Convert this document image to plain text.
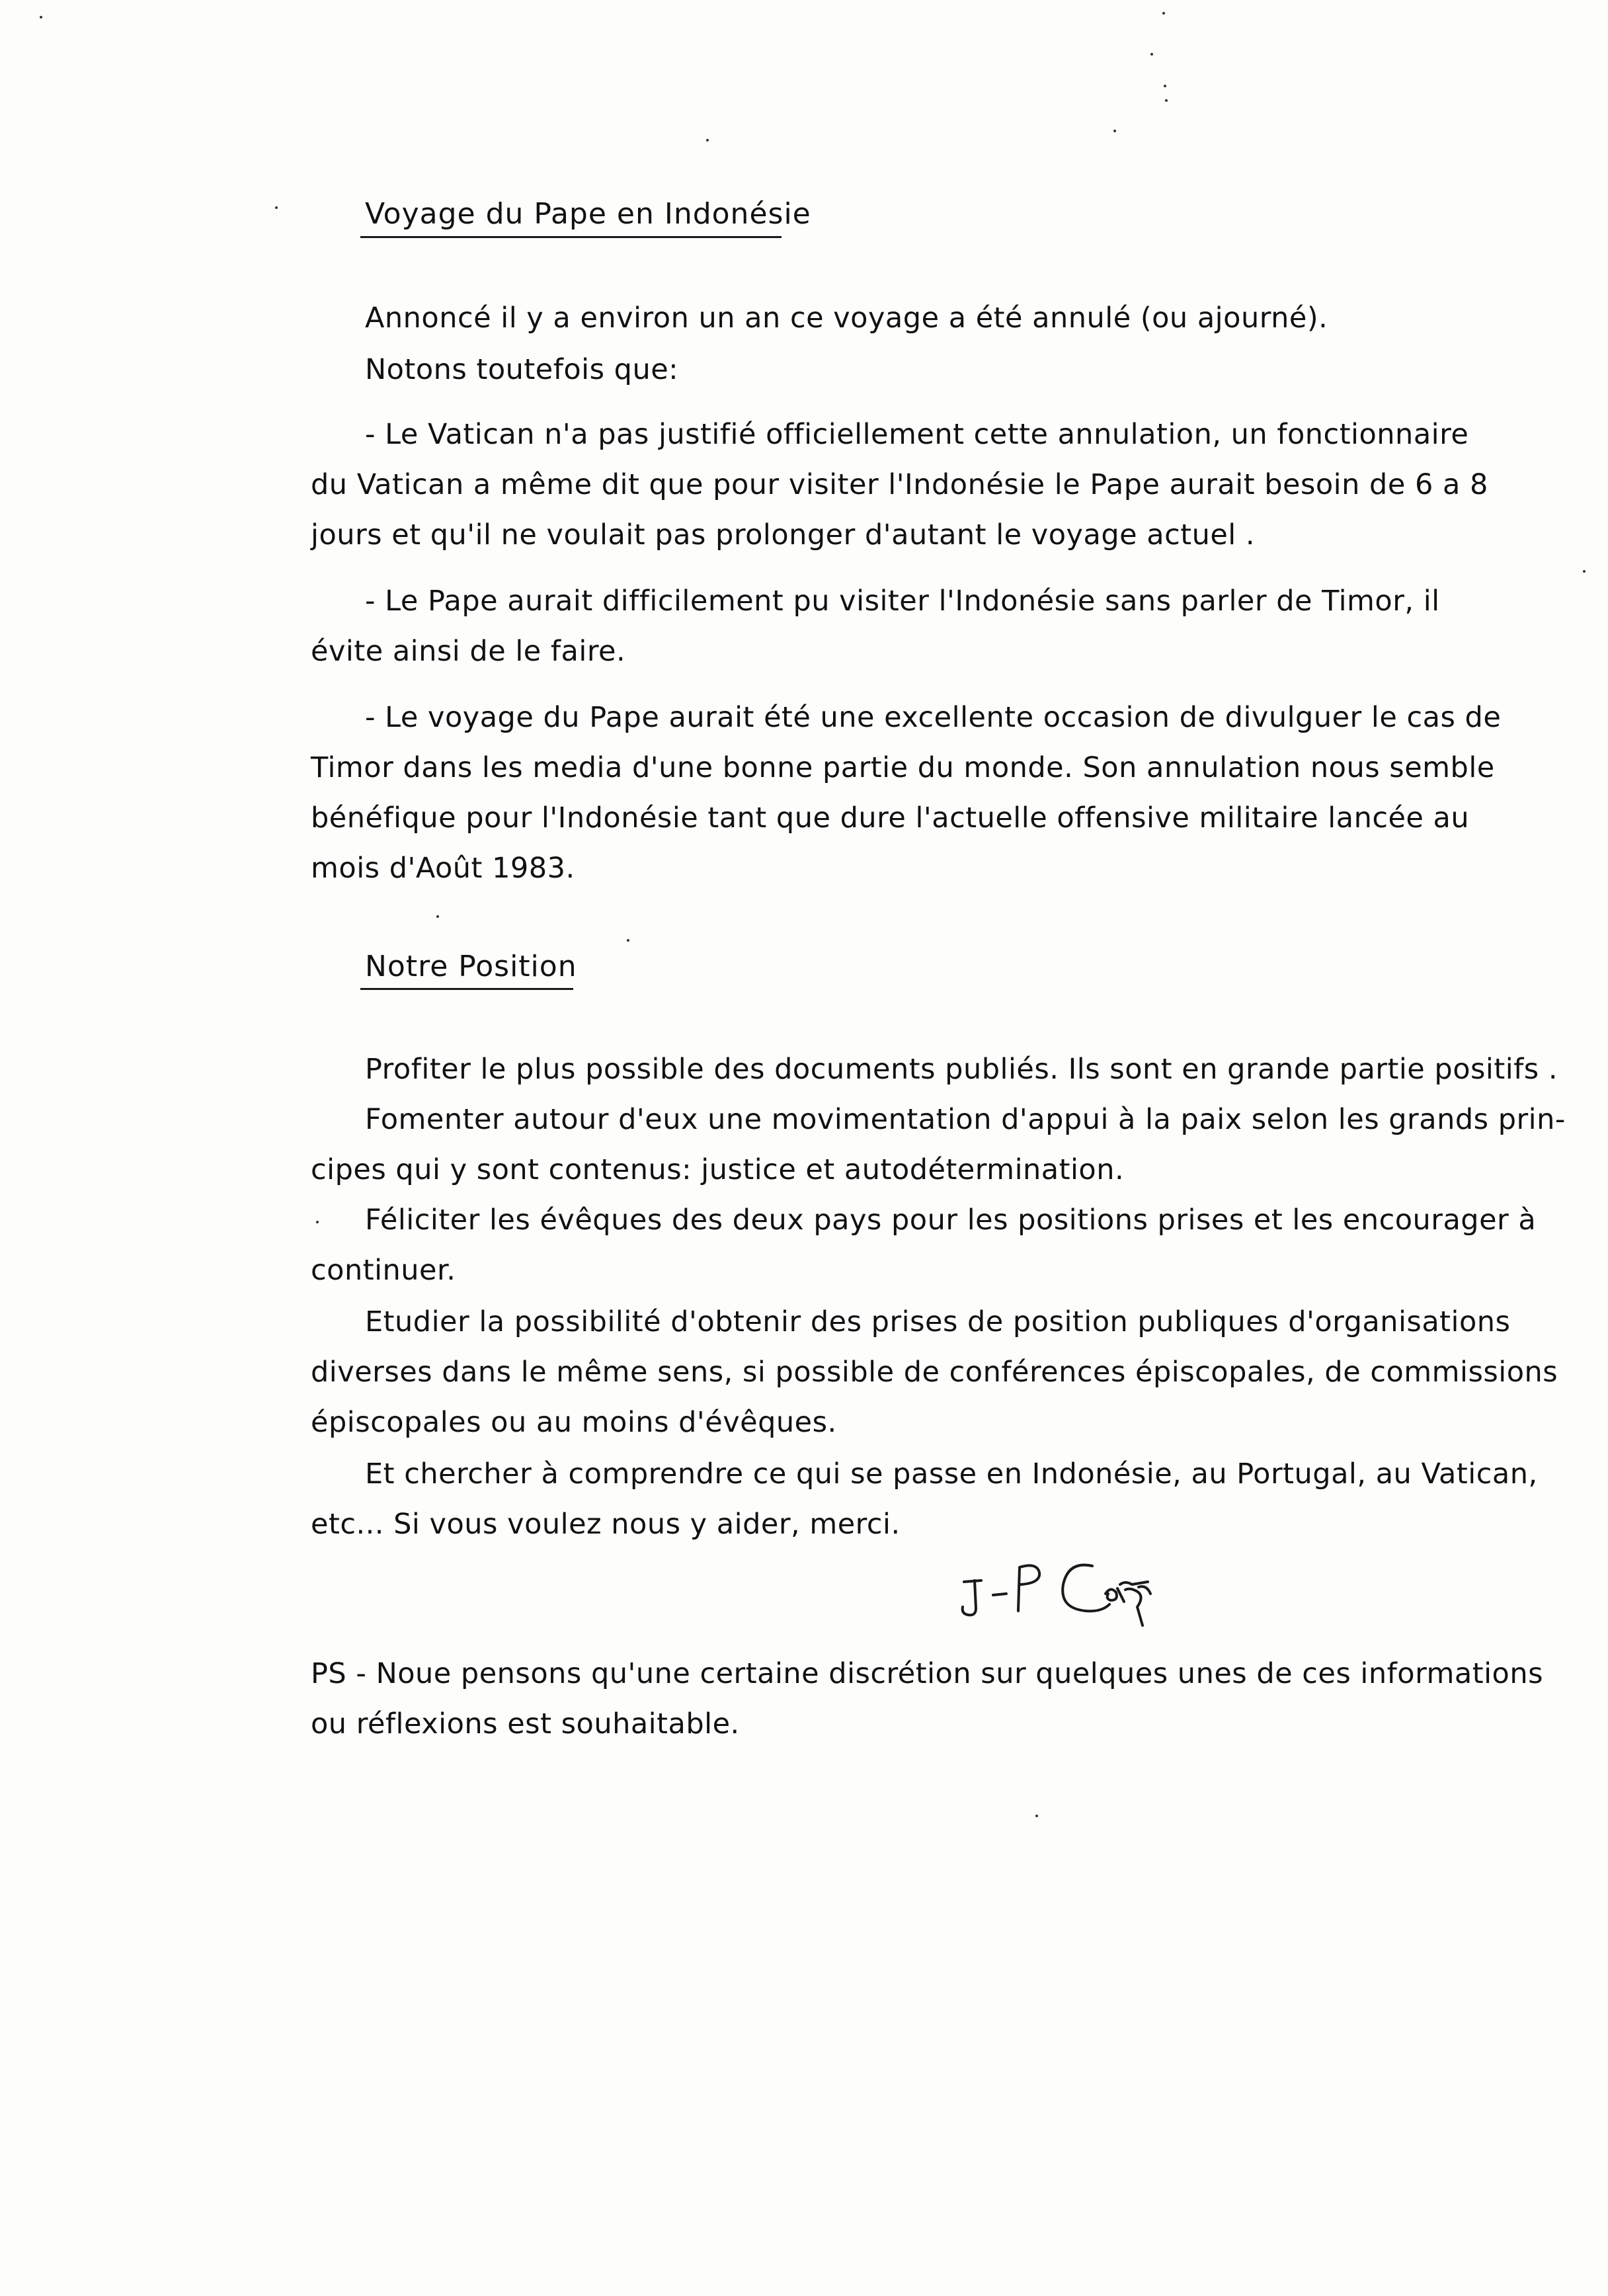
Voyage du Pape en Indonésie
Annoncé il y a environ un an ce voyage a été annulé (ou ajourné).
Notons toutefois que:
- Le Vatican n'a pas justifié officiellement cette annulation, un fonctionnaire
du Vatican a même dit que pour visiter l'Indonésie le Pape aurait besoin de 6 a 8
jours et qu'il ne voulait pas prolonger d'autant le voyage actuel .
- Le Pape aurait difficilement pu visiter l'Indonésie sans parler de Timor, il
évite ainsi de le faire.
- Le voyage du Pape aurait été une excellente occasion de divulguer le cas de
Timor dans les media d'une bonne partie du monde. Son annulation nous semble
bénéfique pour l'Indonésie tant que dure l'actuelle offensive militaire lancée au
mois d'Août 1983.
Notre Position
Profiter le plus possible des documents publiés. Ils sont en grande partie positifs .
Fomenter autour d'eux une movimentation d'appui à la paix selon les grands prin-
cipes qui y sont contenus: justice et autodétermination.
Féliciter les évêques des deux pays pour les positions prises et les encourager à
continuer.
Etudier la possibilité d'obtenir des prises de position publiques d'organisations
diverses dans le même sens, si possible de conférences épiscopales, de commissions
épiscopales ou au moins d'évêques.
Et chercher à comprendre ce qui se passe en Indonésie, au Portugal, au Vatican,
etc... Si vous voulez nous y aider, merci.
PS - Noue pensons qu'une certaine discrétion sur quelques unes de ces informations
ou réflexions est souhaitable.
